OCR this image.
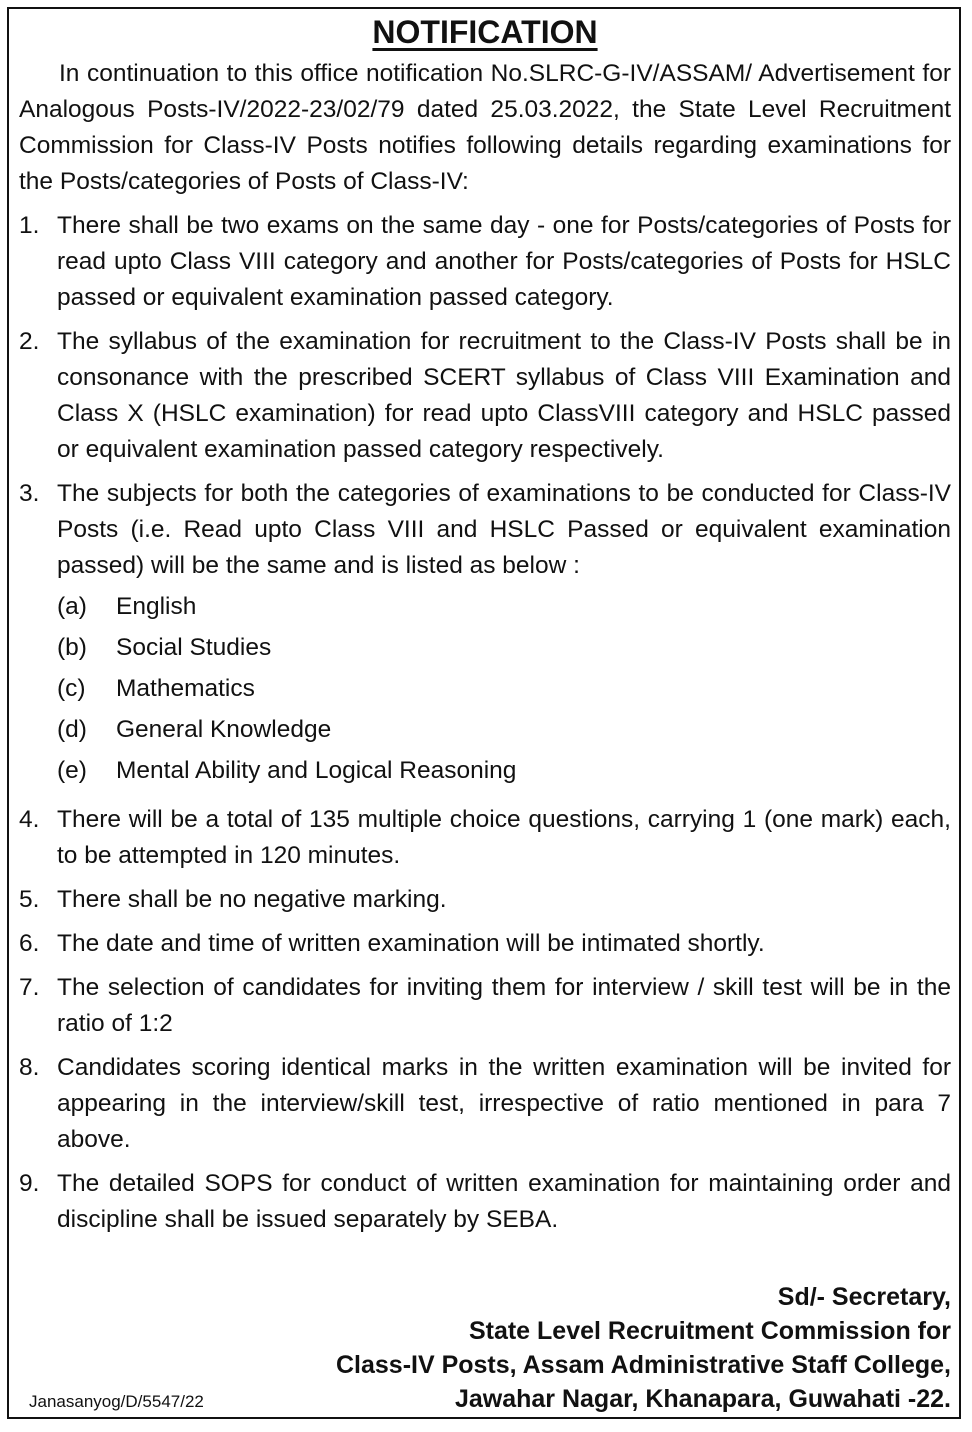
NOTIFICATION
In continuation to this office notification No.SLRC-G-IV/ASSAM/ Advertisement for Analogous Posts-IV/2022-23/02/79 dated 25.03.2022, the State Level Recruitment Commission for Class-IV Posts notifies following details regarding examinations for the Posts/categories of Posts of Class-IV:
1. There shall be two exams on the same day - one for Posts/categories of Posts for read upto Class VIII category and another for Posts/categories of Posts for HSLC passed or equivalent examination passed category.
2. The syllabus of the examination for recruitment to the Class-IV Posts shall be in consonance with the prescribed SCERT syllabus of Class VIII Examination and Class X (HSLC examination) for read upto ClassVIII category and HSLC passed or equivalent examination passed category respectively.
3. The subjects for both the categories of examinations to be conducted for Class-IV Posts (i.e. Read upto Class VIII and HSLC Passed or equivalent examination passed) will be the same and is listed as below :
(a)	English
(b)	Social Studies
(c)	Mathematics
(d)	General Knowledge
(e)	Mental Ability and Logical Reasoning
4. There will be a total of 135 multiple choice questions, carrying 1 (one mark) each, to be attempted in 120 minutes.
5. There shall be no negative marking.
6. The date and time of written examination will be intimated shortly.
7. The selection of candidates for inviting them for interview / skill test will be in the ratio of 1:2
8. Candidates scoring identical marks in the written examination will be invited for appearing in the interview/skill test, irrespective of ratio mentioned in para 7 above.
9. The detailed SOPS for conduct of written examination for maintaining order and discipline shall be issued separately by SEBA.
Sd/- Secretary,
State Level Recruitment Commission for
Class-IV Posts, Assam Administrative Staff College,
Jawahar Nagar, Khanapara, Guwahati -22.
Janasanyog/D/5547/22
